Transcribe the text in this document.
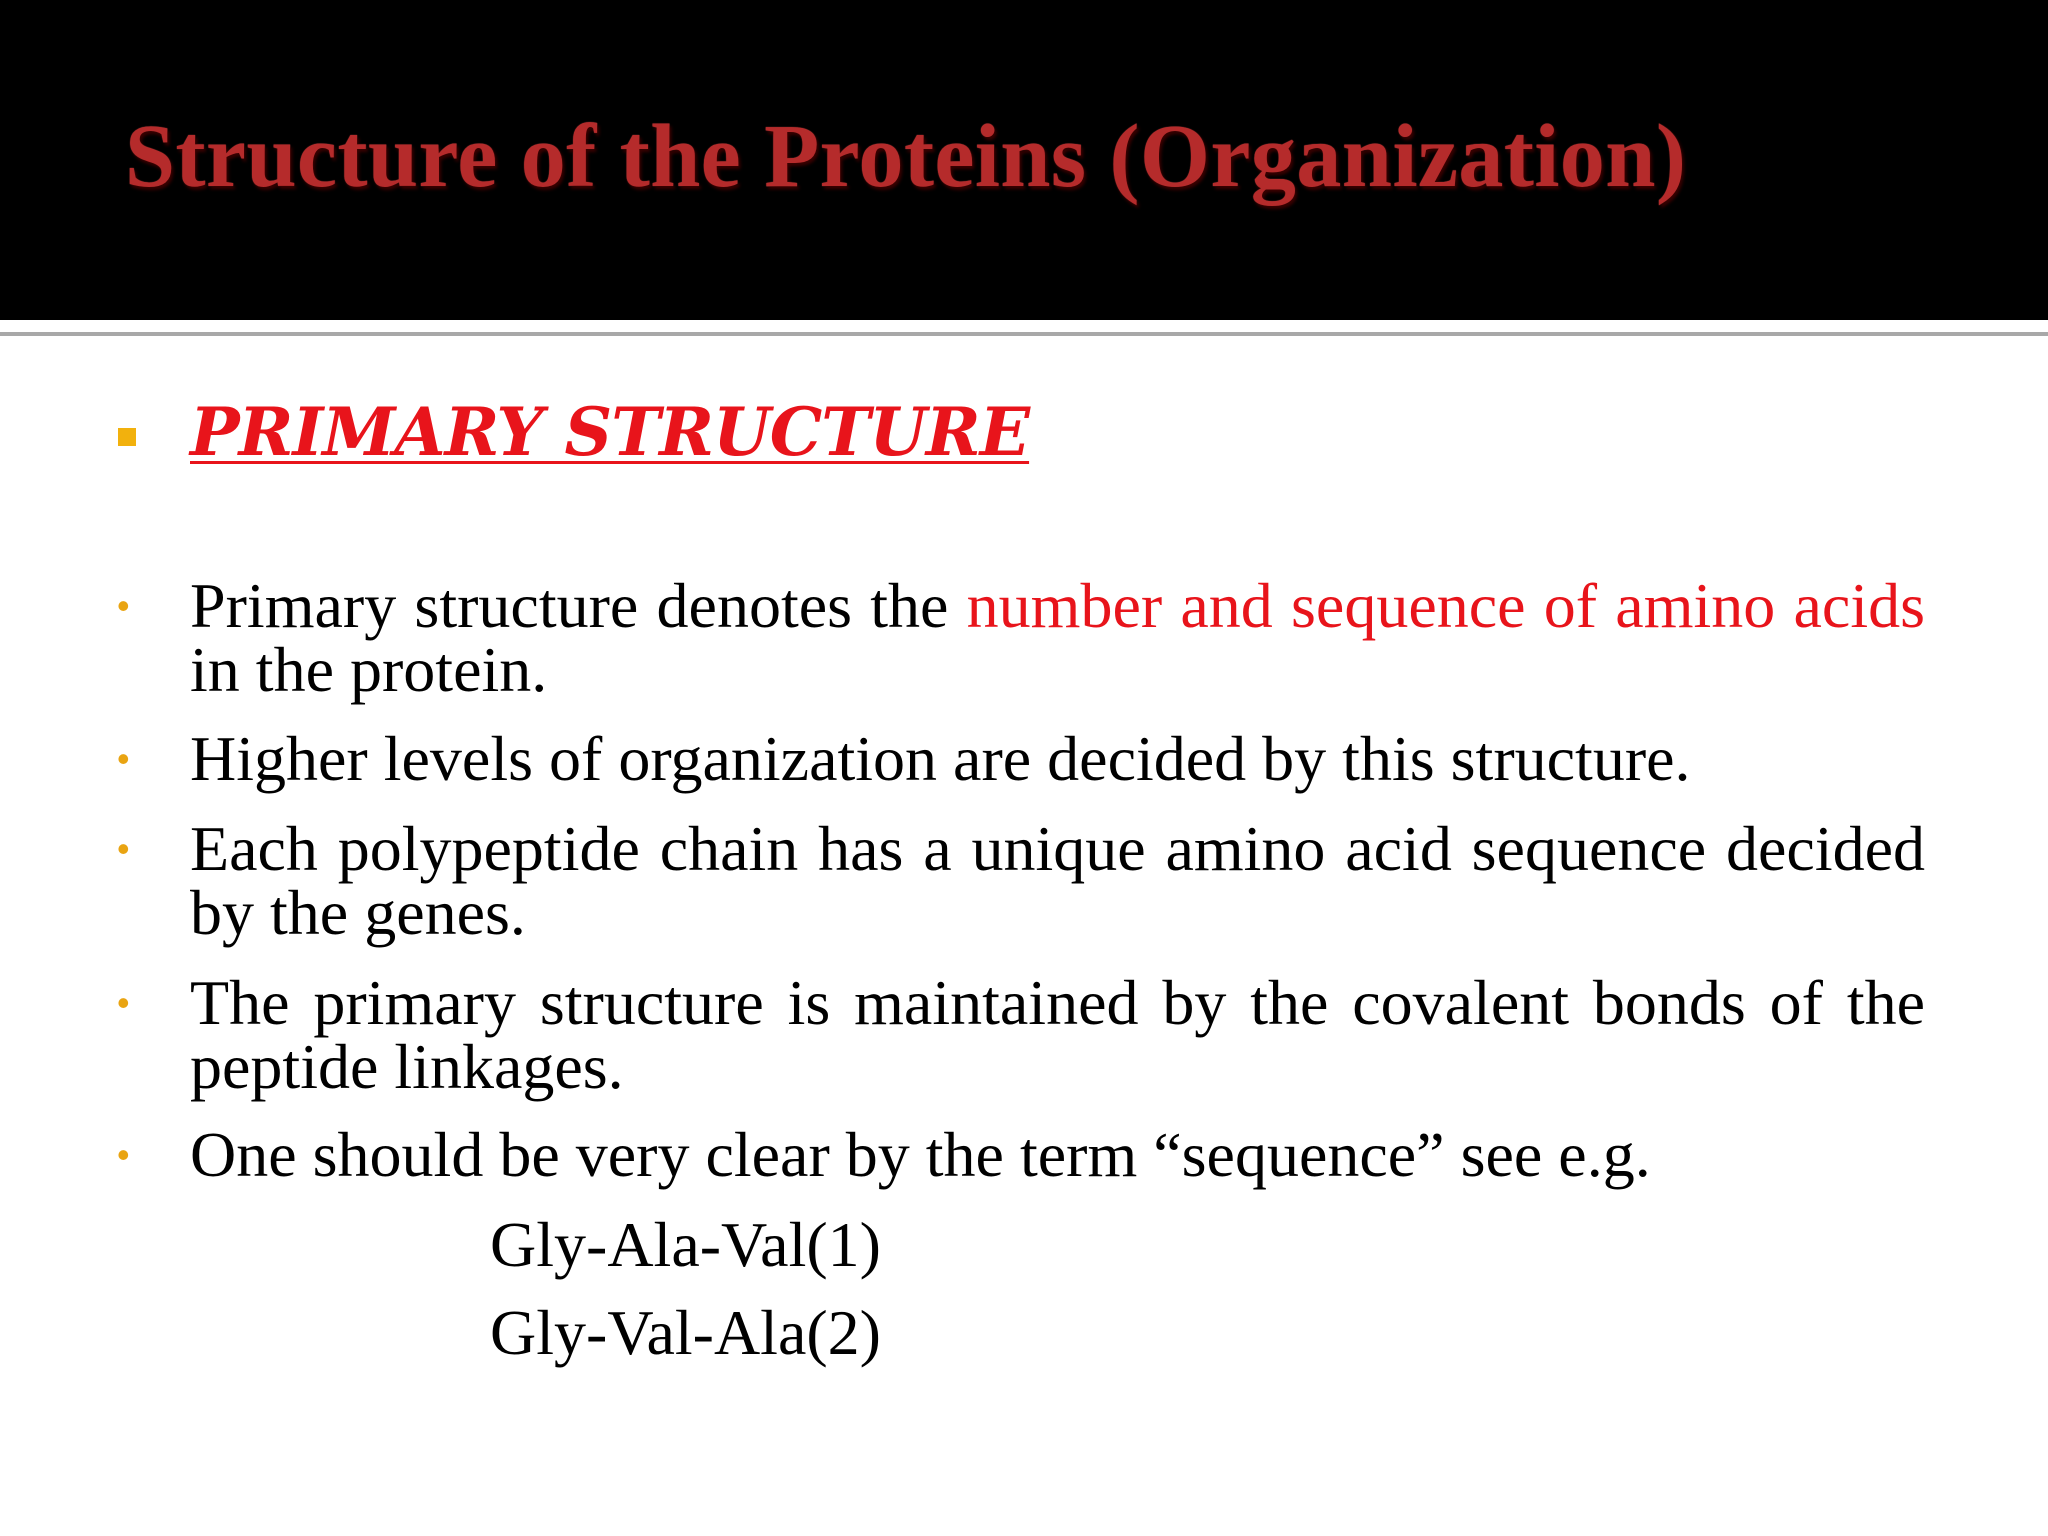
Structure of the Proteins (Organization)
PRIMARY STRUCTURE
• Primary structure denotes the number and sequence of amino acids in the protein.
• Higher levels of organization are decided by this structure.
• Each polypeptide chain has a unique amino acid sequence decided by the genes.
• The primary structure is maintained by the covalent bonds of the peptide linkages.
• One should be very clear by the term “sequence” see e.g.
Gly-Ala-Val(1)
Gly-Val-Ala(2)
